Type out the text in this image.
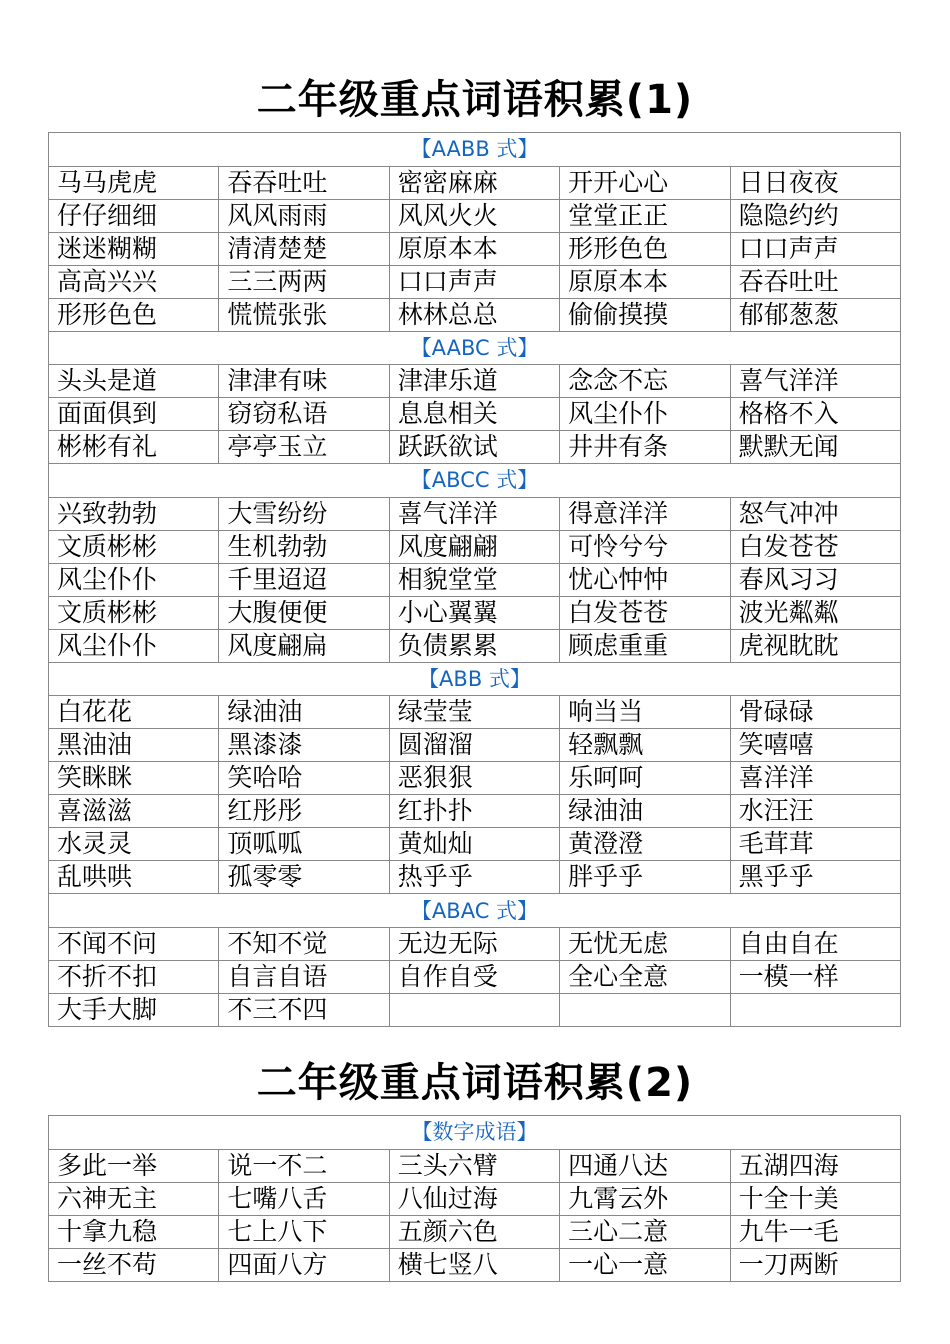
二年级重点词语积累(1)
【AABB 式】				
马马虎虎	吞吞吐吐	密密麻麻	开开心心	日日夜夜
仔仔细细	风风雨雨	风风火火	堂堂正正	隐隐约约
迷迷糊糊	清清楚楚	原原本本	形形色色	口口声声
高高兴兴	三三两两	口口声声	原原本本	吞吞吐吐
形形色色	慌慌张张	林林总总	偷偷摸摸	郁郁葱葱
【AABC 式】				
头头是道	津津有味	津津乐道	念念不忘	喜气洋洋
面面俱到	窃窃私语	息息相关	风尘仆仆	格格不入
彬彬有礼	亭亭玉立	跃跃欲试	井井有条	默默无闻
【ABCC 式】				
兴致勃勃	大雪纷纷	喜气洋洋	得意洋洋	怒气冲冲
文质彬彬	生机勃勃	风度翩翩	可怜兮兮	白发苍苍
风尘仆仆	千里迢迢	相貌堂堂	忧心忡忡	春风习习
文质彬彬	大腹便便	小心翼翼	白发苍苍	波光粼粼
风尘仆仆	风度翩扁	负债累累	顾虑重重	虎视眈眈
【ABB 式】				
白花花	绿油油	绿莹莹	响当当	骨碌碌
黑油油	黑漆漆	圆溜溜	轻飘飘	笑嘻嘻
笑眯眯	笑哈哈	恶狠狠	乐呵呵	喜洋洋
喜滋滋	红彤彤	红扑扑	绿油油	水汪汪
水灵灵	顶呱呱	黄灿灿	黄澄澄	毛茸茸
乱哄哄	孤零零	热乎乎	胖乎乎	黑乎乎
【ABAC 式】				
不闻不问	不知不觉	无边无际	无忧无虑	自由自在
不折不扣	自言自语	自作自受	全心全意	一模一样
大手大脚	不三不四			
二年级重点词语积累(2)
【数字成语】				
多此一举	说一不二	三头六臂	四通八达	五湖四海
六神无主	七嘴八舌	八仙过海	九霄云外	十全十美
十拿九稳	七上八下	五颜六色	三心二意	九牛一毛
一丝不苟	四面八方	横七竖八	一心一意	一刀两断
